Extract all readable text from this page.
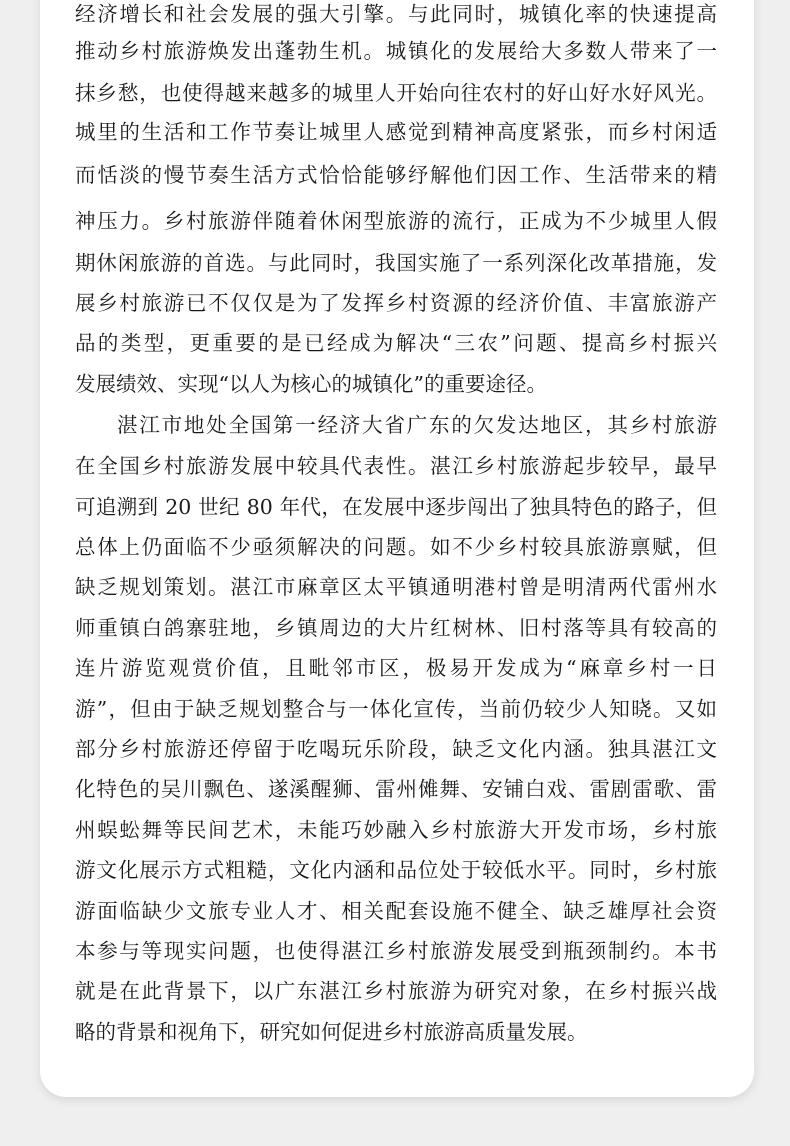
经济增长和社会发展的强大引擎。与此同时，城镇化率的快速提高
推动乡村旅游焕发出蓬勃生机。城镇化的发展给大多数人带来了一
抹乡愁，也使得越来越多的城里人开始向往农村的好山好水好风光。
城里的生活和工作节奏让城里人感觉到精神高度紧张，而乡村闲适
而恬淡的慢节奏生活方式恰恰能够纾解他们因工作、生活带来的精
神压力。乡村旅游伴随着休闲型旅游的流行，正成为不少城里人假
期休闲旅游的首选。与此同时，我国实施了一系列深化改革措施，发
展乡村旅游已不仅仅是为了发挥乡村资源的经济价值、丰富旅游产
品的类型，更重要的是已经成为解决“三农”问题、提高乡村振兴
发展绩效、实现“以人为核心的城镇化”的重要途径。
湛江市地处全国第一经济大省广东的欠发达地区，其乡村旅游
在全国乡村旅游发展中较具代表性。湛江乡村旅游起步较早，最早
可追溯到 20 世纪 80 年代，在发展中逐步闯出了独具特色的路子，但
总体上仍面临不少亟须解决的问题。如不少乡村较具旅游禀赋，但
缺乏规划策划。湛江市麻章区太平镇通明港村曾是明清两代雷州水
师重镇白鸽寨驻地，乡镇周边的大片红树林、旧村落等具有较高的
连片游览观赏价值，且毗邻市区，极易开发成为“麻章乡村一日
游”，但由于缺乏规划整合与一体化宣传，当前仍较少人知晓。又如
部分乡村旅游还停留于吃喝玩乐阶段，缺乏文化内涵。独具湛江文
化特色的吴川飘色、遂溪醒狮、雷州傩舞、安铺白戏、雷剧雷歌、雷
州蜈蚣舞等民间艺术，未能巧妙融入乡村旅游大开发市场，乡村旅
游文化展示方式粗糙，文化内涵和品位处于较低水平。同时，乡村旅
游面临缺少文旅专业人才、相关配套设施不健全、缺乏雄厚社会资
本参与等现实问题，也使得湛江乡村旅游发展受到瓶颈制约。本书
就是在此背景下，以广东湛江乡村旅游为研究对象，在乡村振兴战
略的背景和视角下，研究如何促进乡村旅游高质量发展。
